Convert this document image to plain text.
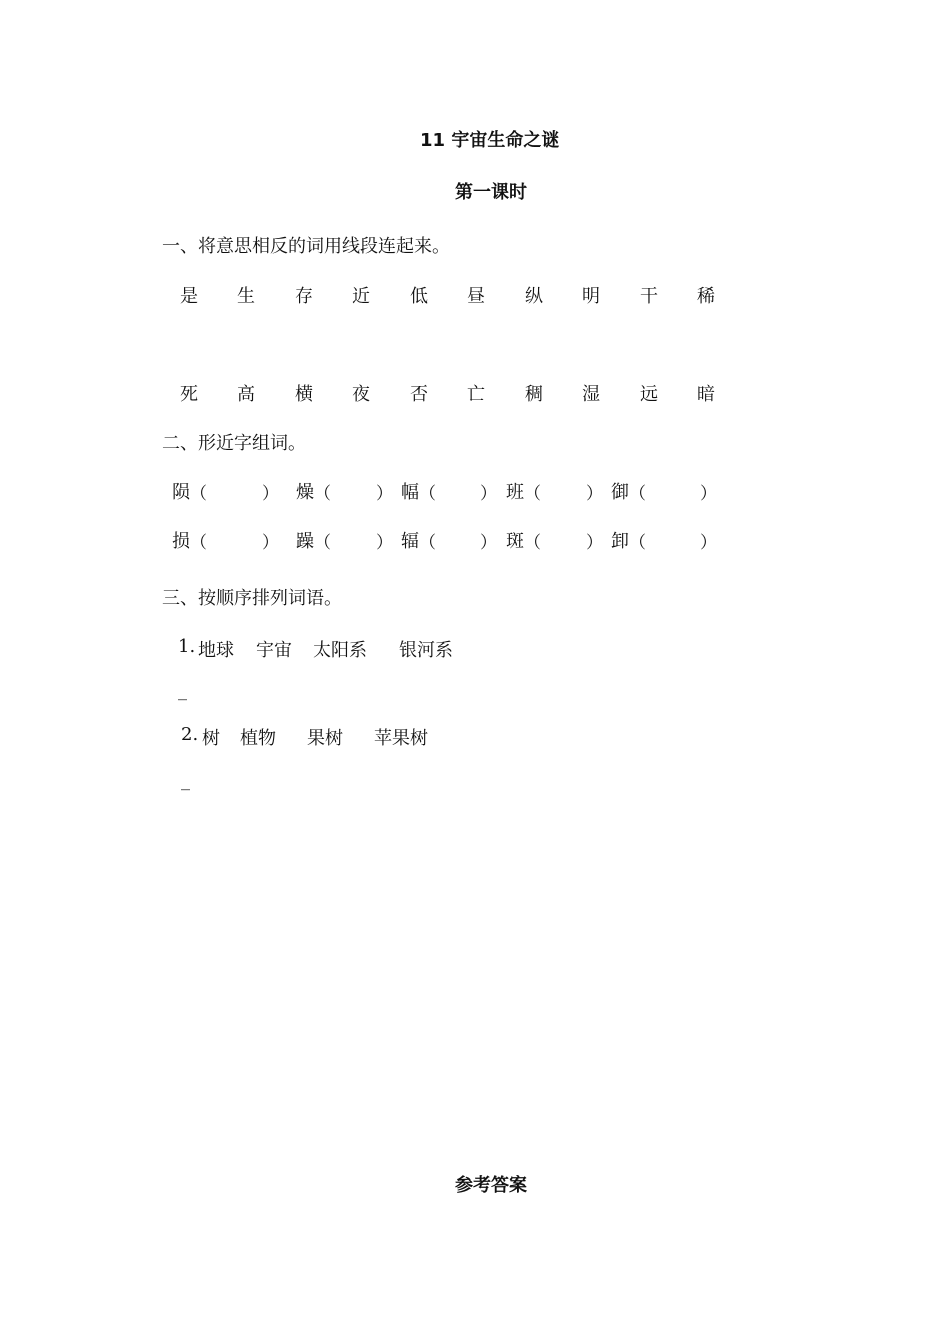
11 宇宙生命之谜
第一课时
一、将意思相反的词用线段连起来。
是	生	存	近	低	昼	纵	明	干	稀
死	高	横	夜	否	亡	稠	湿	远	暗
二、形近字组词。
陨 （	） 燥 （	） 幅 （	） 班 （	） 御 （	）
损 （	） 躁 （	） 辐 （	） 斑 （	） 卸 （	）
三、按顺序排列词语。
1. 地球 宇宙 太阳系 银河系
_
2. 树 植物 果树 苹果树
_
参考答案
